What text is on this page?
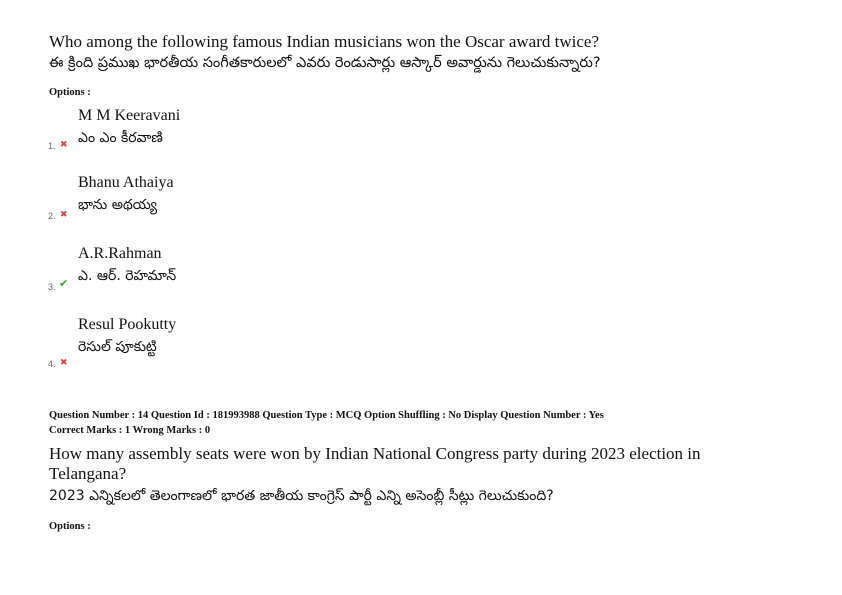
Who among the following famous Indian musicians won the Oscar award twice?
ఈ క్రింది ప్రముఖ భారతీయ సంగీతకారులలో ఎవరు రెండుసార్లు ఆస్కార్ అవార్డును గెలుచుకున్నారు?
Options :
M M Keeravani
ఎం ఎం కీరవాణి
1. ✖
Bhanu Athaiya
భాను అథయ్య
2. ✖
A.R.Rahman
ఎ. ఆర్. రెహమాన్
3. ✔
Resul Pookutty
రెసుల్ పూకుట్టి
4. ✖
Question Number : 14 Question Id : 181993988 Question Type : MCQ Option Shuffling : No Display Question Number : Yes
Correct Marks : 1 Wrong Marks : 0
How many assembly seats were won by Indian National Congress party during 2023 election in
Telangana?
2023 ఎన్నికలలో తెలంగాణలో భారత జాతీయ కాంగ్రెస్ పార్టీ ఎన్ని అసెంబ్లీ సీట్లు గెలుచుకుంది?
Options :
